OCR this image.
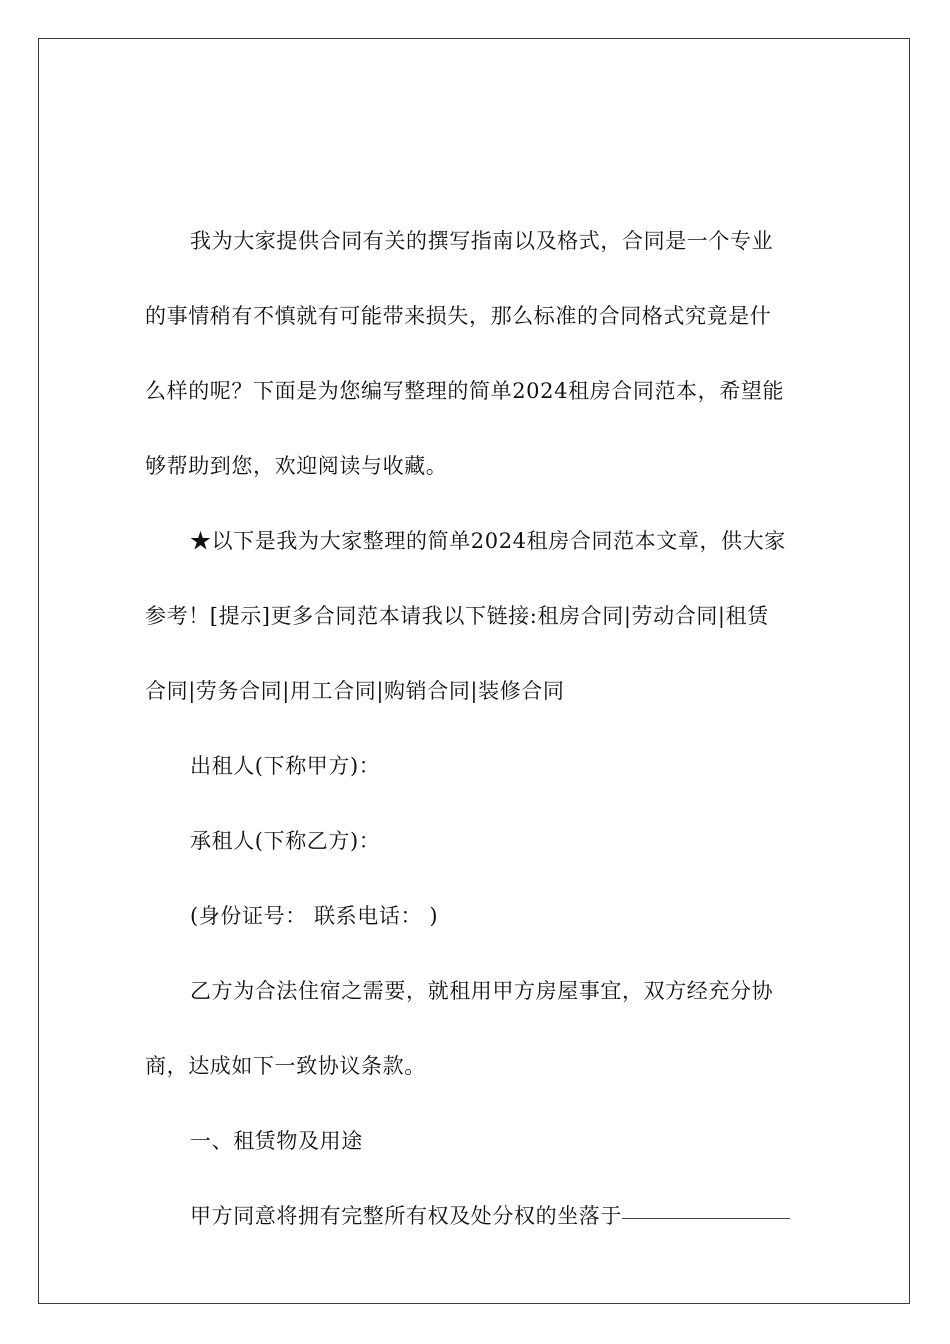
我为大家提供合同有关的撰写指南以及格式，合同是一个专业

的事情稍有不慎就有可能带来损失，那么标准的合同格式究竟是什

么样的呢？下面是为您编写整理的简单2024租房合同范本，希望能

够帮助到您，欢迎阅读与收藏。

★以下是我为大家整理的简单2024租房合同范本文章，供大家

参考！[提示]更多合同范本请我以下链接:租房合同|劳动合同|租赁

合同|劳务合同|用工合同|购销合同|装修合同

出租人(下称甲方)：

承租人(下称乙方)：

(身份证号： 联系电话： )

乙方为合法住宿之需要，就租用甲方房屋事宜，双方经充分协

商，达成如下一致协议条款。

一、租赁物及用途

甲方同意将拥有完整所有权及处分权的坐落于
